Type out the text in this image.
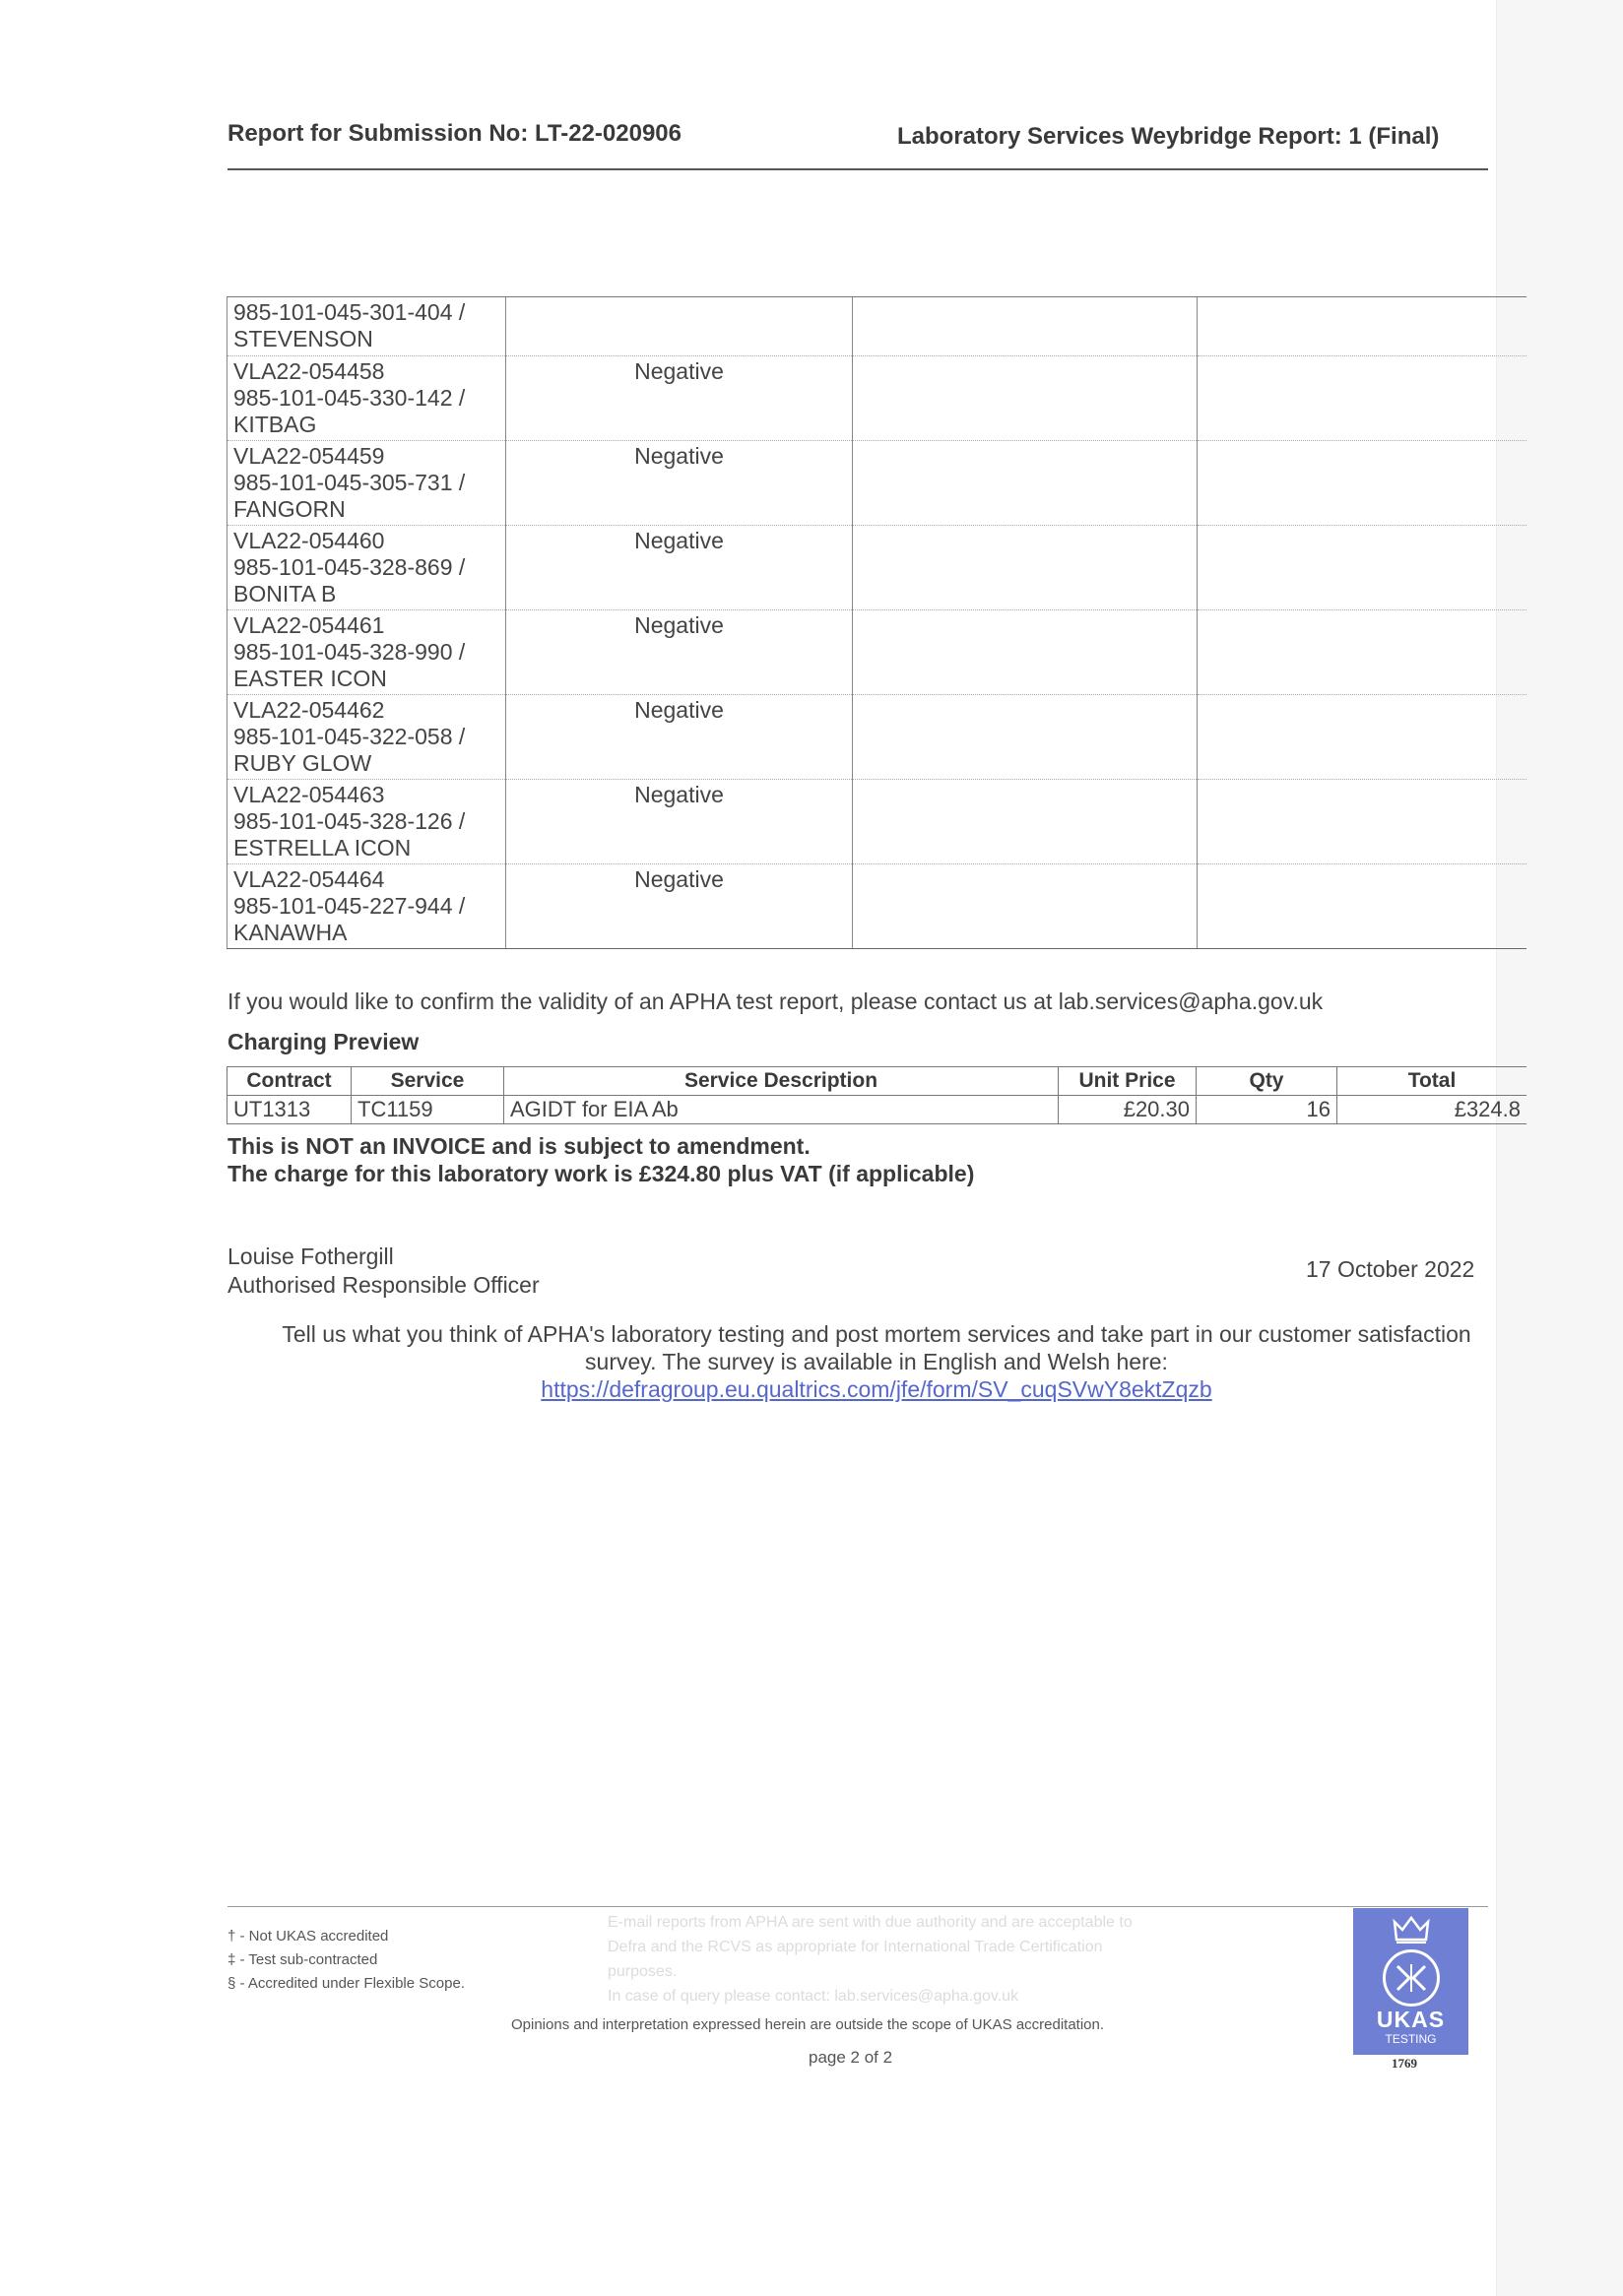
Report for Submission No: LT-22-020906	Laboratory Services Weybridge Report: 1 (Final)
985-101-045-301-404 /
STEVENSON			

VLA22-054458
985-101-045-330-142 /
KITBAG	Negative		

VLA22-054459
985-101-045-305-731 /
FANGORN	Negative		

VLA22-054460
985-101-045-328-869 /
BONITA B	Negative		

VLA22-054461
985-101-045-328-990 /
EASTER ICON	Negative		

VLA22-054462
985-101-045-322-058 /
RUBY GLOW	Negative		

VLA22-054463
985-101-045-328-126 /
ESTRELLA ICON	Negative		

VLA22-054464
985-101-045-227-944 /
KANAWHA	Negative		
If you would like to confirm the validity of an APHA test report, please contact us at lab.services@apha.gov.uk
Charging Preview
Contract	Service	Service Description	Unit Price	Qty	Total
UT1313	TC1159	AGIDT for EIA Ab	£20.30	16	£324.8
This is NOT an INVOICE and is subject to amendment.
The charge for this laboratory work is £324.80 plus VAT (if applicable)
Louise Fothergill
Authorised Responsible Officer
17 October 2022
Tell us what you think of APHA's laboratory testing and post mortem services and take part in our customer satisfaction
survey. The survey is available in English and Welsh here:
https://defragroup.eu.qualtrics.com/jfe/form/SV_cuqSVwY8ektZqzb
† - Not UKAS accredited
‡ - Test sub-contracted
§ - Accredited under Flexible Scope.
E-mail reports from APHA are sent with due authority and are acceptable to
Defra and the RCVS as appropriate for International Trade Certification
purposes.
In case of query please contact: lab.services@apha.gov.uk
Opinions and interpretation expressed herein are outside the scope of UKAS accreditation.
page 2 of 2
UKAS
TESTING
1769
